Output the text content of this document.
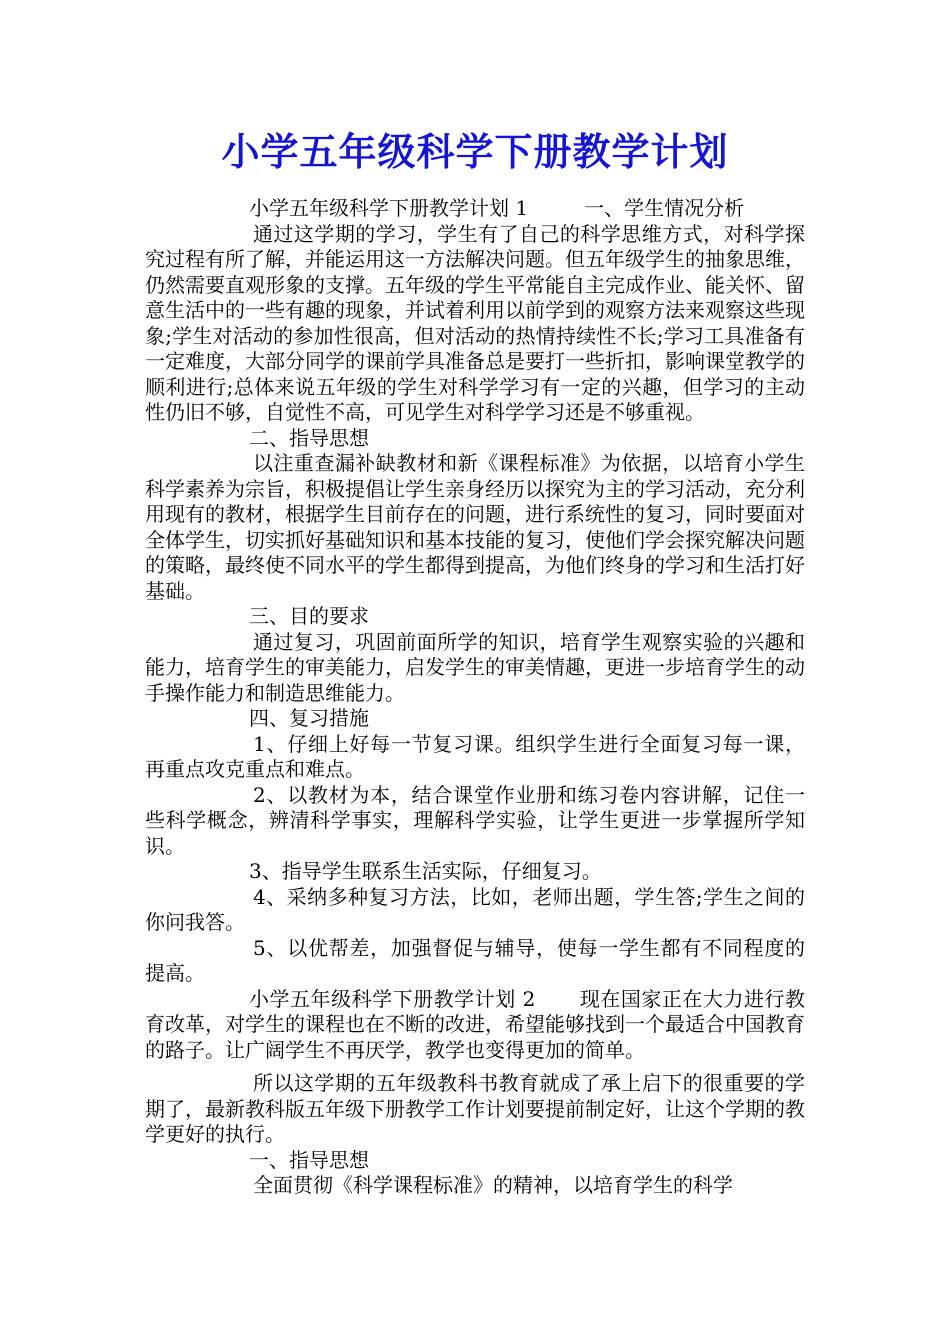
小学五年级科学下册教学计划

小学五年级科学下册教学计划 1	一、学生情况分析

通过这学期的学习，学生有了自己的科学思维方式，对科学探究过程有所了解，并能运用这一方法解决问题。但五年级学生的抽象思维，仍然需要直观形象的支撑。五年级的学生平常能自主完成作业、能关怀、留意生活中的一些有趣的现象，并试着利用以前学到的观察方法来观察这些现象;学生对活动的参加性很高，但对活动的热情持续性不长;学习工具准备有一定难度，大部分同学的课前学具准备总是要打一些折扣，影响课堂教学的顺利进行;总体来说五年级的学生对科学学习有一定的兴趣，但学习的主动性仍旧不够，自觉性不高，可见学生对科学学习还是不够重视。

二、指导思想

以注重查漏补缺教材和新《课程标准》为依据，以培育小学生科学素养为宗旨，积极提倡让学生亲身经历以探究为主的学习活动，充分利用现有的教材，根据学生目前存在的问题，进行系统性的复习，同时要面对全体学生，切实抓好基础知识和基本技能的复习，使他们学会探究解决问题的策略，最终使不同水平的学生都得到提高，为他们终身的学习和生活打好基础。

三、目的要求

通过复习，巩固前面所学的知识，培育学生观察实验的兴趣和能力，培育学生的审美能力，启发学生的审美情趣，更进一步培育学生的动手操作能力和制造思维能力。

四、复习措施

1、仔细上好每一节复习课。组织学生进行全面复习每一课，再重点攻克重点和难点。

2、以教材为本，结合课堂作业册和练习卷内容讲解，记住一些科学概念，辨清科学事实，理解科学实验，让学生更进一步掌握所学知识。

3、指导学生联系生活实际，仔细复习。

4、采纳多种复习方法，比如，老师出题，学生答;学生之间的你问我答。

5、以优帮差，加强督促与辅导，使每一学生都有不同程度的提高。

小学五年级科学下册教学计划 2 现在国家正在大力进行教育改革，对学生的课程也在不断的改进，希望能够找到一个最适合中国教育的路子。让广阔学生不再厌学，教学也变得更加的简单。

所以这学期的五年级教科书教育就成了承上启下的很重要的学期了，最新教科版五年级下册教学工作计划要提前制定好，让这个学期的教学更好的执行。

一、指导思想

全面贯彻《科学课程标准》的精神，以培育学生的科学
